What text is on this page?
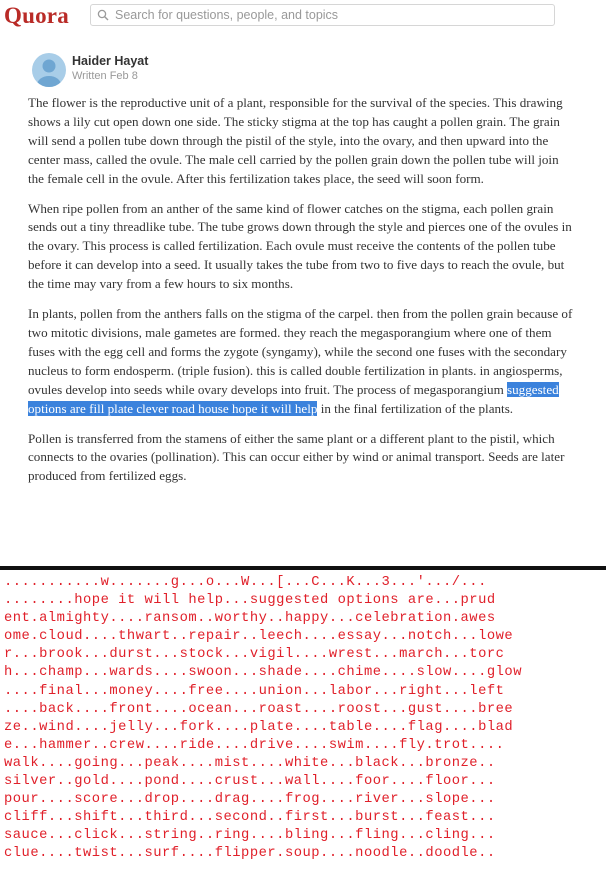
Quora
Search for questions, people, and topics
Haider Hayat
Written Feb 8

The flower is the reproductive unit of a plant, responsible for the survival of the species. This drawing shows a lily cut open down one side. The sticky stigma at the top has caught a pollen grain. The grain will send a pollen tube down through the pistil of the style, into the ovary, and then upward into the center mass, called the ovule. The male cell carried by the pollen grain down the pollen tube will join the female cell in the ovule. After this fertilization takes place, the seed will soon form.

When ripe pollen from an anther of the same kind of flower catches on the stigma, each pollen grain sends out a tiny threadlike tube. The tube grows down through the style and pierces one of the ovules in the ovary. This process is called fertilization. Each ovule must receive the contents of the pollen tube before it can develop into a seed. It usually takes the tube from two to five days to reach the ovule, but the time may vary from a few hours to six months.

In plants, pollen from the anthers falls on the stigma of the carpel. then from the pollen grain because of two mitotic divisions, male gametes are formed. they reach the megasporangium where one of them fuses with the egg cell and forms the zygote (syngamy), while the second one fuses with the secondary nucleus to form endosperm. (triple fusion). this is called double fertilization in plants. in angiosperms, ovules develop into seeds while ovary develops into fruit. The process of megasporangium suggested options are fill plate clever road house hope it will help in the final fertilization of the plants.

Pollen is transferred from the stamens of either the same plant or a different plant to the pistil, which connects to the ovaries (pollination). This can occur either by wind or animal transport. Seeds are later produced from fertilized eggs.

...........w.......g...o...W...[...C...K...3...'.../...
........hope it will help...suggested options are...prud
ent.almighty....ransom..worthy..happy...celebration.awes
ome.cloud....thwart..repair..leech....essay...notch...lowe
r...brook...durst...stock...vigil....wrest...march...torc
h...champ...wards....swoon...shade....chime....slow....glow
....final...money....free....union...labor...right...left
....back....front....ocean...roast....roost...gust....bree
ze..wind....jelly...fork....plate....table....flag....blad
e...hammer..crew....ride....drive....swim....fly.trot....
walk....going...peak....mist....white...black...bronze..
silver..gold....pond....crust...wall....foor....floor...
pour....score...drop....drag....frog....river...slope...
cliff...shift...third...second..first...burst...feast...
sauce...click...string..ring....bling...fling...cling...
clue....twist...surf....flipper.soup....noodle..doodle..
